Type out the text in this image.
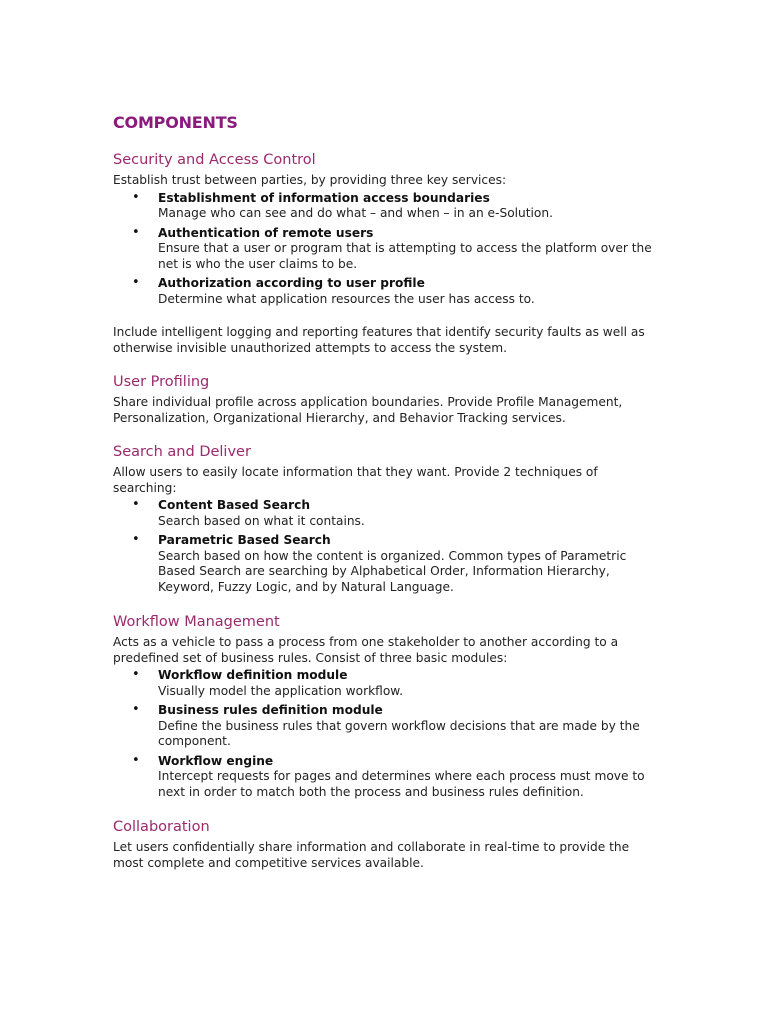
COMPONENTS
Security and Access Control

Establish trust between parties, by providing three key services:

• Establishment of information access boundaries
Manage who can see and do what – and when – in an e-Solution.
• Authentication of remote users
Ensure that a user or program that is attempting to access the platform over the net is who the user claims to be.
• Authorization according to user profile
Determine what application resources the user has access to.

Include intelligent logging and reporting features that identify security faults as well as otherwise invisible unauthorized attempts to access the system.

User Profiling

Share individual profile across application boundaries. Provide Profile Management, Personalization, Organizational Hierarchy, and Behavior Tracking services.

Search and Deliver

Allow users to easily locate information that they want. Provide 2 techniques of searching:

• Content Based Search
Search based on what it contains.
• Parametric Based Search
Search based on how the content is organized. Common types of Parametric Based Search are searching by Alphabetical Order, Information Hierarchy, Keyword, Fuzzy Logic, and by Natural Language.
Workflow Management

Acts as a vehicle to pass a process from one stakeholder to another according to a predefined set of business rules. Consist of three basic modules:

• Workflow definition module
Visually model the application workflow.
• Business rules definition module
Define the business rules that govern workflow decisions that are made by the component.
• Workflow engine
Intercept requests for pages and determines where each process must move to next in order to match both the process and business rules definition.
Collaboration

Let users confidentially share information and collaborate in real-time to provide the most complete and competitive services available.
